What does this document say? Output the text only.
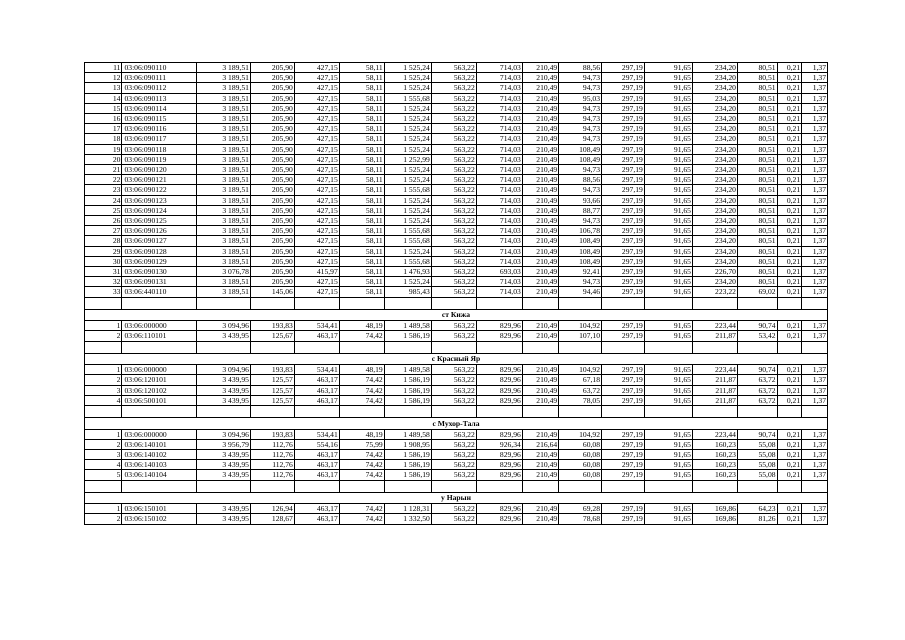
11	03:06:090110	3 189,51	205,90	427,15	58,11	1 525,24	563,22	714,03	210,49	88,56	297,19	91,65	234,20	80,51	0,21	1,37
12	03:06:090111	3 189,51	205,90	427,15	58,11	1 525,24	563,22	714,03	210,49	94,73	297,19	91,65	234,20	80,51	0,21	1,37
13	03:06:090112	3 189,51	205,90	427,15	58,11	1 525,24	563,22	714,03	210,49	94,73	297,19	91,65	234,20	80,51	0,21	1,37
14	03:06:090113	3 189,51	205,90	427,15	58,11	1 555,68	563,22	714,03	210,49	95,03	297,19	91,65	234,20	80,51	0,21	1,37
15	03:06:090114	3 189,51	205,90	427,15	58,11	1 525,24	563,22	714,03	210,49	94,73	297,19	91,65	234,20	80,51	0,21	1,37
16	03:06:090115	3 189,51	205,90	427,15	58,11	1 525,24	563,22	714,03	210,49	94,73	297,19	91,65	234,20	80,51	0,21	1,37
17	03:06:090116	3 189,51	205,90	427,15	58,11	1 525,24	563,22	714,03	210,49	94,73	297,19	91,65	234,20	80,51	0,21	1,37
18	03:06:090117	3 189,51	205,90	427,15	58,11	1 525,24	563,22	714,03	210,49	94,73	297,19	91,65	234,20	80,51	0,21	1,37
19	03:06:090118	3 189,51	205,90	427,15	58,11	1 525,24	563,22	714,03	210,49	108,49	297,19	91,65	234,20	80,51	0,21	1,37
20	03:06:090119	3 189,51	205,90	427,15	58,11	1 252,99	563,22	714,03	210,49	108,49	297,19	91,65	234,20	80,51	0,21	1,37
21	03:06:090120	3 189,51	205,90	427,15	58,11	1 525,24	563,22	714,03	210,49	94,73	297,19	91,65	234,20	80,51	0,21	1,37
22	03:06:090121	3 189,51	205,90	427,15	58,11	1 525,24	563,22	714,03	210,49	88,56	297,19	91,65	234,20	80,51	0,21	1,37
23	03:06:090122	3 189,51	205,90	427,15	58,11	1 555,68	563,22	714,03	210,49	94,73	297,19	91,65	234,20	80,51	0,21	1,37
24	03:06:090123	3 189,51	205,90	427,15	58,11	1 525,24	563,22	714,03	210,49	93,66	297,19	91,65	234,20	80,51	0,21	1,37
25	03:06:090124	3 189,51	205,90	427,15	58,11	1 525,24	563,22	714,03	210,49	88,77	297,19	91,65	234,20	80,51	0,21	1,37
26	03:06:090125	3 189,51	205,90	427,15	58,11	1 525,24	563,22	714,03	210,49	94,73	297,19	91,65	234,20	80,51	0,21	1,37
27	03:06:090126	3 189,51	205,90	427,15	58,11	1 555,68	563,22	714,03	210,49	106,78	297,19	91,65	234,20	80,51	0,21	1,37
28	03:06:090127	3 189,51	205,90	427,15	58,11	1 555,68	563,22	714,03	210,49	108,49	297,19	91,65	234,20	80,51	0,21	1,37
29	03:06:090128	3 189,51	205,90	427,15	58,11	1 525,24	563,22	714,03	210,49	108,49	297,19	91,65	234,20	80,51	0,21	1,37
30	03:06:090129	3 189,51	205,90	427,15	58,11	1 555,68	563,22	714,03	210,49	108,49	297,19	91,65	234,20	80,51	0,21	1,37
31	03:06:090130	3 076,78	205,90	415,97	58,11	1 476,93	563,22	693,03	210,49	92,41	297,19	91,65	226,70	80,51	0,21	1,37
32	03:06:090131	3 189,51	205,90	427,15	58,11	1 525,24	563,22	714,03	210,49	94,73	297,19	91,65	234,20	80,51	0,21	1,37
33	03:06:440110	3 189,51	145,06	427,15	58,11	985,43	563,22	714,03	210,49	94,46	297,19	91,65	223,22	69,02	0,21	1,37

ст Кижа																
1	03:06:000000	3 094,96	193,83	534,41	48,19	1 489,58	563,22	829,96	210,49	104,92	297,19	91,65	223,44	90,74	0,21	1,37
2	03:06:110101	3 439,95	125,67	463,17	74,42	1 586,19	563,22	829,96	210,49	107,10	297,19	91,65	211,87	53,42	0,21	1,37

с Красный Яр																
1	03:06:000000	3 094,96	193,83	534,41	48,19	1 489,58	563,22	829,96	210,49	104,92	297,19	91,65	223,44	90,74	0,21	1,37
2	03:06:120101	3 439,95	125,57	463,17	74,42	1 586,19	563,22	829,96	210,49	67,18	297,19	91,65	211,87	63,72	0,21	1,37
3	03:06:120102	3 439,95	125,57	463,17	74,42	1 586,19	563,22	829,96	210,49	63,72	297,19	91,65	211,87	63,72	0,21	1,37
4	03:06:500101	3 439,95	125,57	463,17	74,42	1 586,19	563,22	829,96	210,49	78,05	297,19	91,65	211,87	63,72	0,21	1,37

с Мухор-Тала																
1	03:06:000000	3 094,96	193,83	534,41	48,19	1 489,58	563,22	829,96	210,49	104,92	297,19	91,65	223,44	90,74	0,21	1,37
2	03:06:140101	3 956,79	112,76	554,16	75,99	1 908,95	563,22	926,34	216,64	60,08	297,19	91,65	160,23	55,08	0,21	1,37
3	03:06:140102	3 439,95	112,76	463,17	74,42	1 586,19	563,22	829,96	210,49	60,08	297,19	91,65	160,23	55,08	0,21	1,37
4	03:06:140103	3 439,95	112,76	463,17	74,42	1 586,19	563,22	829,96	210,49	60,08	297,19	91,65	160,23	55,08	0,21	1,37
5	03:06:140104	3 439,95	112,76	463,17	74,42	1 586,19	563,22	829,96	210,49	60,08	297,19	91,65	160,23	55,08	0,21	1,37

у Нарын																
1	03:06:150101	3 439,95	126,94	463,17	74,42	1 128,31	563,22	829,96	210,49	69,28	297,19	91,65	169,86	64,23	0,21	1,37
2	03:06:150102	3 439,95	128,67	463,17	74,42	1 332,50	563,22	829,96	210,49	78,68	297,19	91,65	169,86	81,26	0,21	1,37
